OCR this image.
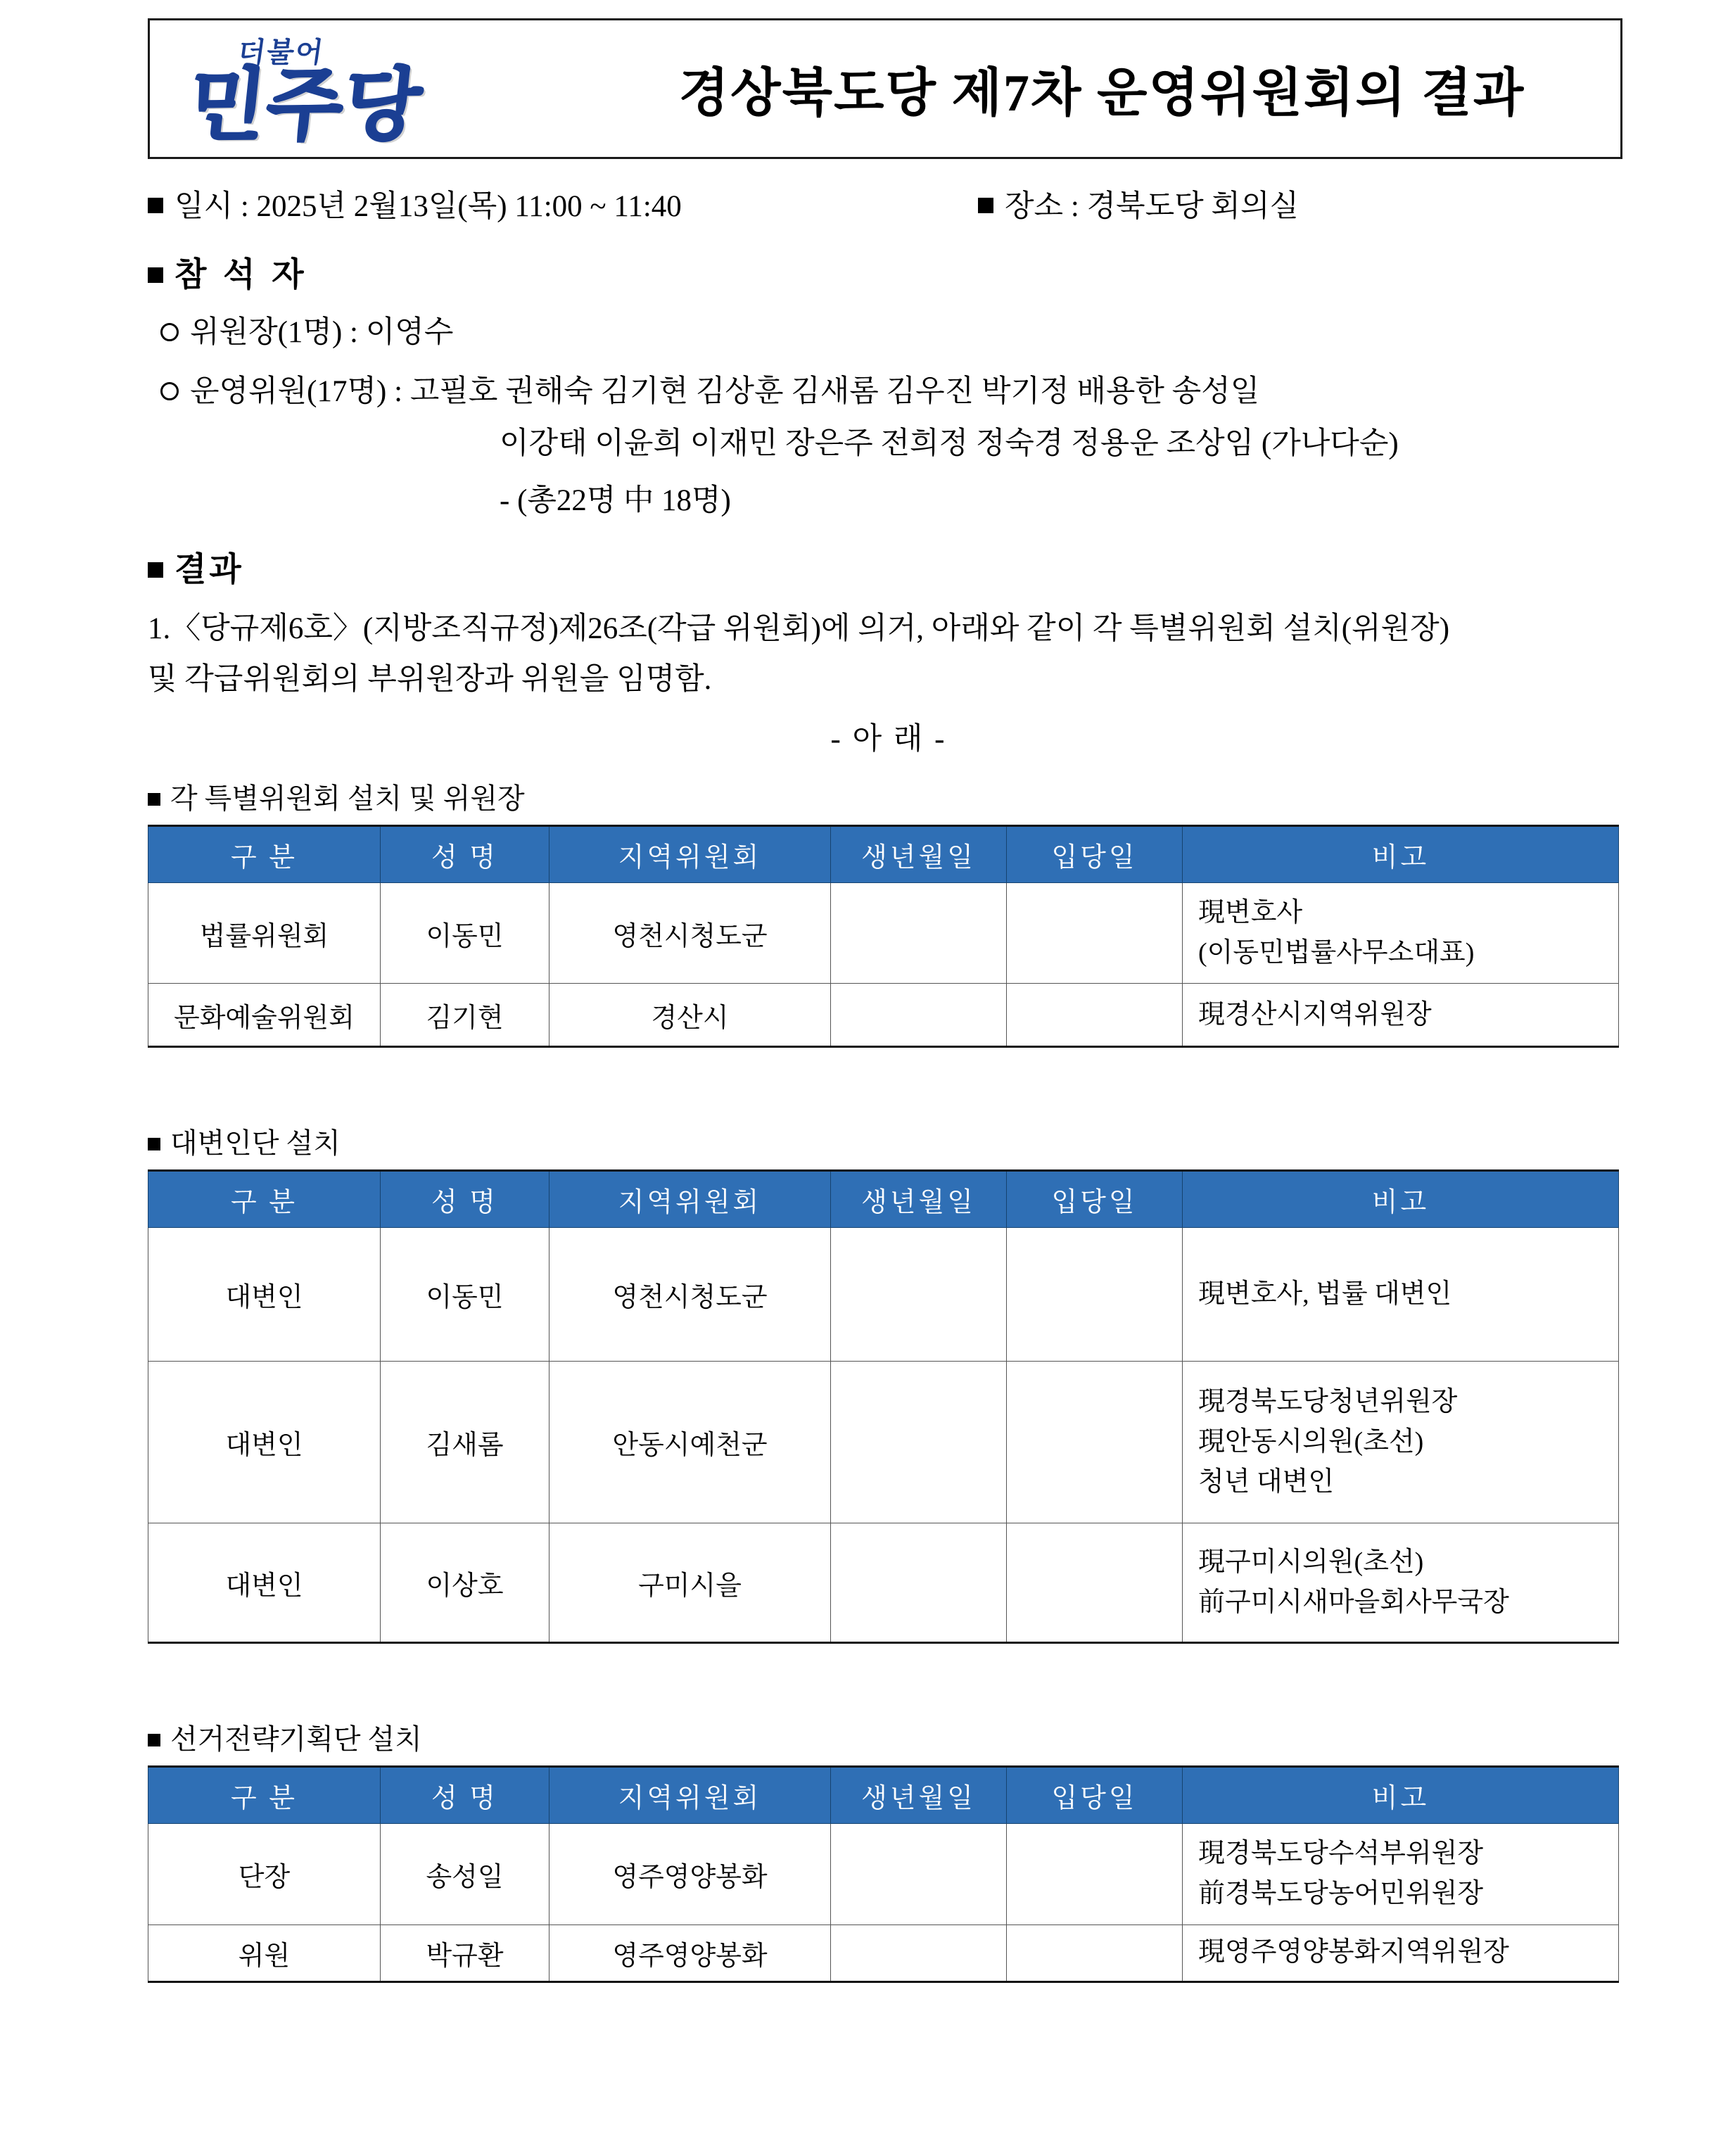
더불어
민주당	경상북도당 제7차 운영위원회의 결과
일시 : 2025년 2월13일(목) 11:00 ~ 11:40	장소 : 경북도당 회의실
참 석 자
위원장(1명) : 이영수
운영위원(17명) : 고필호 권해숙 김기현 김상훈 김새롬 김우진 박기정 배용한 송성일
이강태 이윤희 이재민 장은주 전희정 정숙경 정용운 조상임 (가나다순)
- (총22명 中 18명)
결과
1.〈당규제6호〉(지방조직규정)제26조(각급 위원회)에 의거, 아래와 같이 각 특별위원회 설치(위원장)
및 각급위원회의 부위원장과 위원을 임명함.
- 아 래 -
각 특별위원회 설치 및 위원장
구 분	성 명	지역위원회	생년월일	입당일	비고
법률위원회	이동민	영천시청도군			現변호사
(이동민법률사무소대표)

문화예술위원회	김기현	경산시			現경산시지역위원장
대변인단 설치
구 분	성 명	지역위원회	생년월일	입당일	비고
대변인	이동민	영천시청도군			現변호사, 법률 대변인
대변인	김새롬	안동시예천군			現경북도당청년위원장
現안동시의원(초선)
청년 대변인

대변인	이상호	구미시을			現구미시의원(초선)
前구미시새마을회사무국장
선거전략기획단 설치
구 분	성 명	지역위원회	생년월일	입당일	비고
단장	송성일	영주영양봉화			現경북도당수석부위원장
前경북도당농어민위원장

위원	박규환	영주영양봉화			現영주영양봉화지역위원장
